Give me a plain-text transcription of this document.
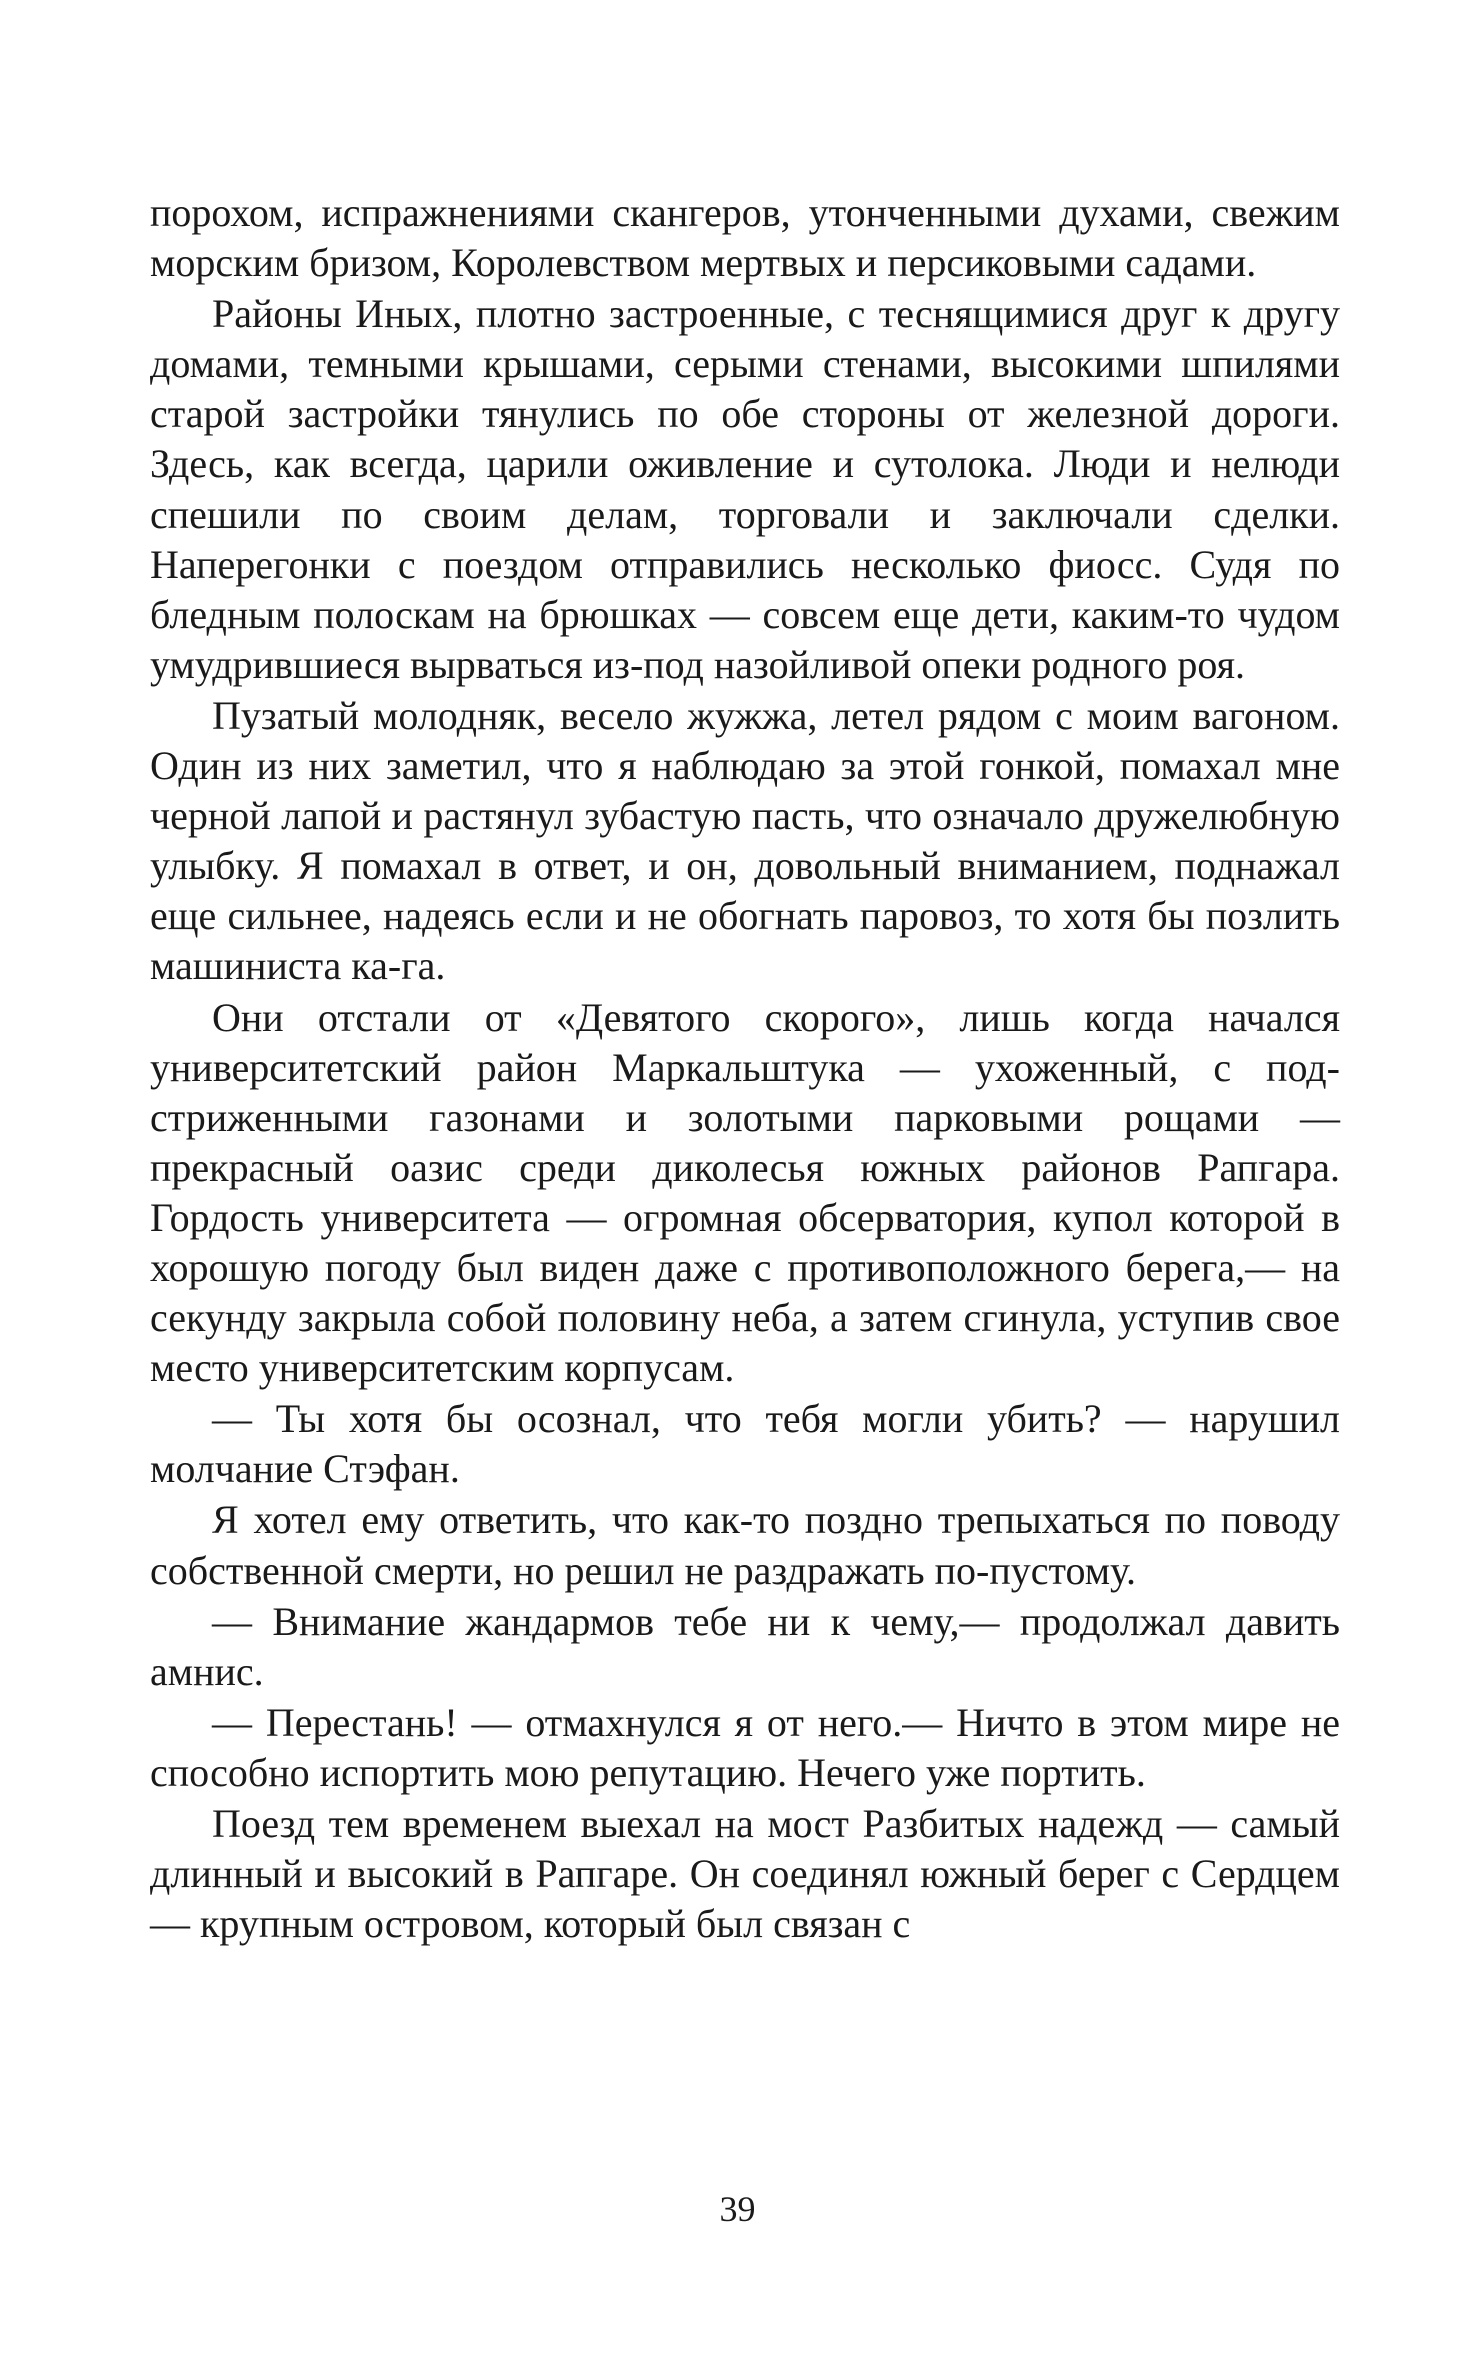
порохом, испражнениями скангеров, утонченными духами, свежим морским бризом, Королевством мертвых и персиковыми садами.

Районы Иных, плотно застроенные, с теснящимися друг к другу домами, темными крышами, серыми стенами, высокими шпилями старой застройки тянулись по обе стороны от железной дороги. Здесь, как всегда, царили оживление и сутолока. Люди и нелюди спешили по своим делам, торговали и заключали сделки. Наперегонки с поездом отправились несколько фиосс. Судя по бледным полоскам на брюшках — совсем еще дети, каким-то чудом умудрившиеся вырваться из-под назойливой опеки родного роя.

Пузатый молодняк, весело жужжа, летел рядом с моим вагоном. Один из них заметил, что я наблюдаю за этой гонкой, помахал мне черной лапой и растянул зубастую пасть, что означало дружелюбную улыбку. Я помахал в ответ, и он, довольный вниманием, поднажал еще сильнее, надеясь если и не обогнать паровоз, то хотя бы позлить машиниста ка-га.

Они отстали от «Девятого скорого», лишь когда начался университетский район Маркальштука — ухоженный, с подстриженными газонами и золотыми парковыми рощами — прекрасный оазис среди диколесья южных районов Рапгара. Гордость университета — огромная обсерватория, купол которой в хорошую погоду был виден даже с противоположного берега,— на секунду закрыла собой половину неба, а затем сгинула, уступив свое место университетским корпусам.

— Ты хотя бы осознал, что тебя могли убить? — нарушил молчание Стэфан.

Я хотел ему ответить, что как-то поздно трепыхаться по поводу собственной смерти, но решил не раздражать по-пустому.

— Внимание жандармов тебе ни к чему,— продолжал давить амнис.

— Перестань! — отмахнулся я от него.— Ничто в этом мире не способно испортить мою репутацию. Нечего уже портить.

Поезд тем временем выехал на мост Разбитых надежд — самый длинный и высокий в Рапгаре. Он соединял южный берег с Сердцем — крупным островом, который был связан с

39
